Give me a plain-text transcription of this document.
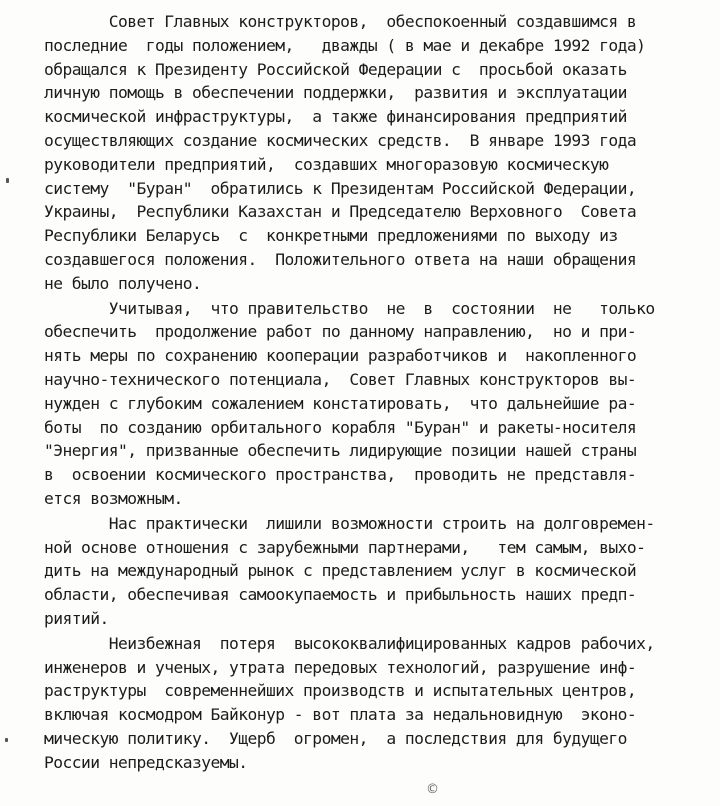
Совет Главных конструкторов,  обеспокоенный создавшимся в
последние  годы положением,   дважды ( в мае и декабре 1992 года)
обращался к Президенту Российской Федерации с  просьбой оказать
личную помощь в обеспечении поддержки,  развития и эксплуатации
космической инфраструктуры,  а также финансирования предприятий
осуществляющих создание космических средств.  В январе 1993 года
руководители предприятий,  создавших многоразовую космическую
систему  "Буран"  обратились к Президентам Российской Федерации,
Украины,  Республики Казахстан и Председателю Верховного  Совета
Республики Беларусь  с  конкретными предложениями по выходу из
создавшегося положения.  Положительного ответа на наши обращения
не было получено.
Учитывая,  что правительство  не  в  состоянии  не   только
обеспечить  продолжение работ по данному направлению,  но и при-
нять меры по сохранению кооперации разработчиков и  накопленного
научно-технического потенциала,  Совет Главных конструкторов вы-
нужден с глубоким сожалением констатировать,  что дальнейшие ра-
боты  по созданию орбитального корабля "Буран" и ракеты-носителя
"Энергия", призванные обеспечить лидирующие позиции нашей страны
в  освоении космического пространства,  проводить не представля-
ется возможным.
Нас практически  лишили возможности строить на долговремен-
ной основе отношения с зарубежными партнерами,   тем самым, выхо-
дить на международный рынок с представлением услуг в космической
области, обеспечивая самоокупаемость и прибыльность наших предп-
риятий.
Неизбежная  потеря  высококвалифицированных кадров рабочих,
инженеров и ученых, утрата передовых технологий, разрушение инф-
раструктуры  современнейших производств и испытательных центров,
включая космодром Байконур - вот плата за недальновидную  эконо-
мическую политику.  Ущерб  огромен,  а последствия для будущего
России непредсказуемы.
©
